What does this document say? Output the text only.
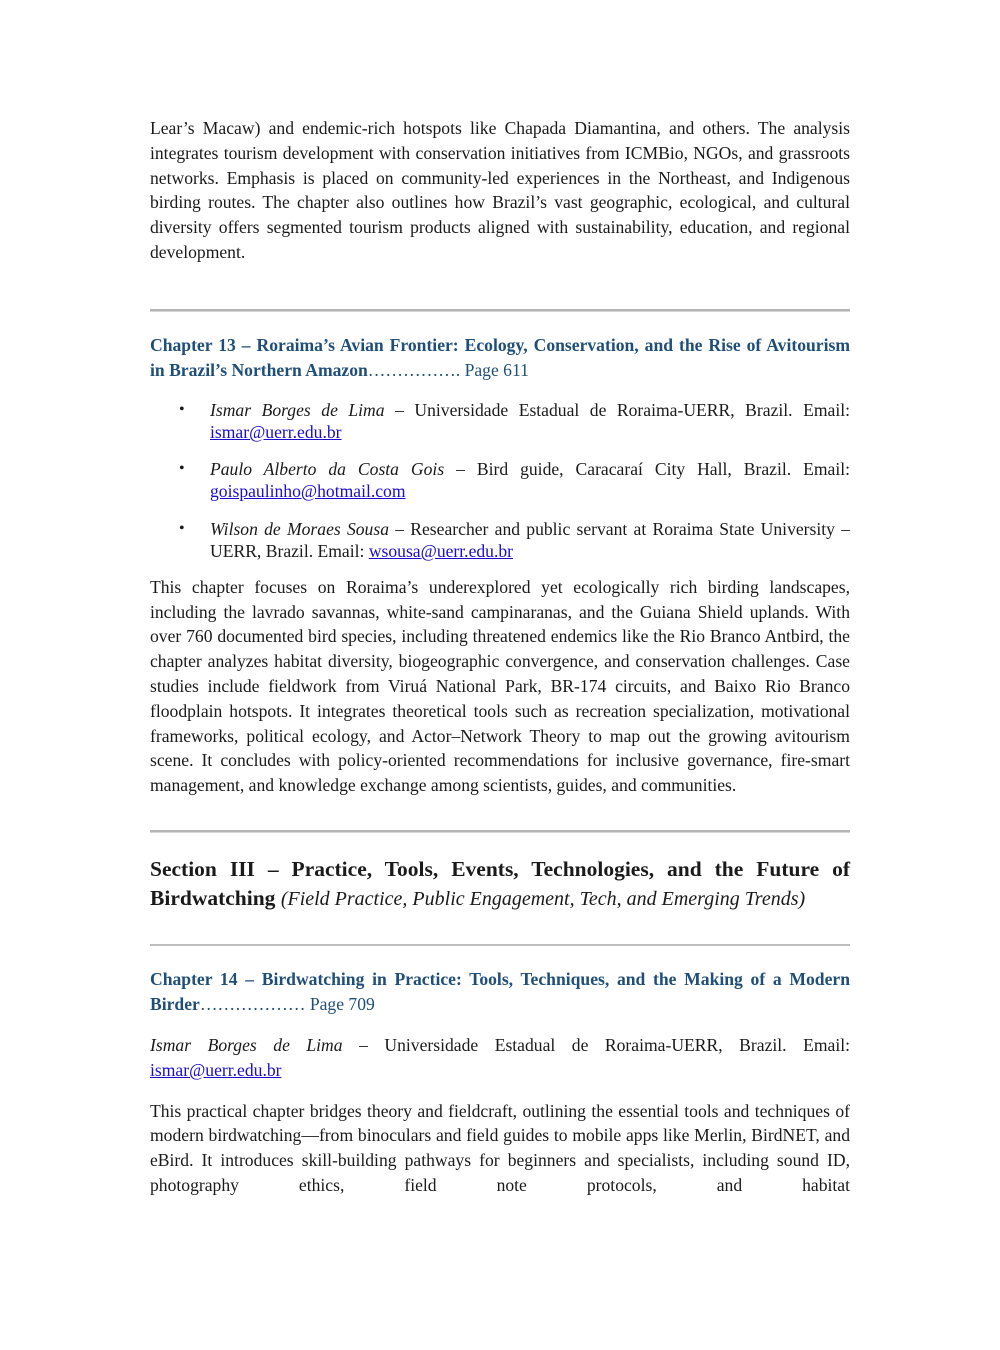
Lear’s Macaw) and endemic-rich hotspots like Chapada Diamantina, and others. The analysis integrates tourism development with conservation initiatives from ICMBio, NGOs, and grassroots networks. Emphasis is placed on community-led experiences in the Northeast, and Indigenous birding routes. The chapter also outlines how Brazil’s vast geographic, ecological, and cultural diversity offers segmented tourism products aligned with sustainability, education, and regional development.

Chapter 13 – Roraima’s Avian Frontier: Ecology, Conservation, and the Rise of Avitourism in Brazil’s Northern Amazon……………. Page 611

• Ismar Borges de Lima – Universidade Estadual de Roraima-UERR, Brazil. Email: ismar@uerr.edu.br
• Paulo Alberto da Costa Gois – Bird guide, Caracaraí City Hall, Brazil. Email: goispaulinho@hotmail.com
• Wilson de Moraes Sousa – Researcher and public servant at Roraima State University – UERR, Brazil. Email: wsousa@uerr.edu.br

This chapter focuses on Roraima’s underexplored yet ecologically rich birding landscapes, including the lavrado savannas, white-sand campinaranas, and the Guiana Shield uplands. With over 760 documented bird species, including threatened endemics like the Rio Branco Antbird, the chapter analyzes habitat diversity, biogeographic convergence, and conservation challenges. Case studies include fieldwork from Viruá National Park, BR-174 circuits, and Baixo Rio Branco floodplain hotspots. It integrates theoretical tools such as recreation specialization, motivational frameworks, political ecology, and Actor–Network Theory to map out the growing avitourism scene. It concludes with policy-oriented recommendations for inclusive governance, fire-smart management, and knowledge exchange among scientists, guides, and communities.

Section III – Practice, Tools, Events, Technologies, and the Future of Birdwatching (Field Practice, Public Engagement, Tech, and Emerging Trends)

Chapter 14 – Birdwatching in Practice: Tools, Techniques, and the Making of a Modern Birder……………… Page 709

Ismar Borges de Lima – Universidade Estadual de Roraima-UERR, Brazil. Email: ismar@uerr.edu.br

This practical chapter bridges theory and fieldcraft, outlining the essential tools and techniques of modern birdwatching—from binoculars and field guides to mobile apps like Merlin, BirdNET, and eBird. It introduces skill-building pathways for beginners and specialists, including sound ID, photography ethics, field note protocols, and habitat
